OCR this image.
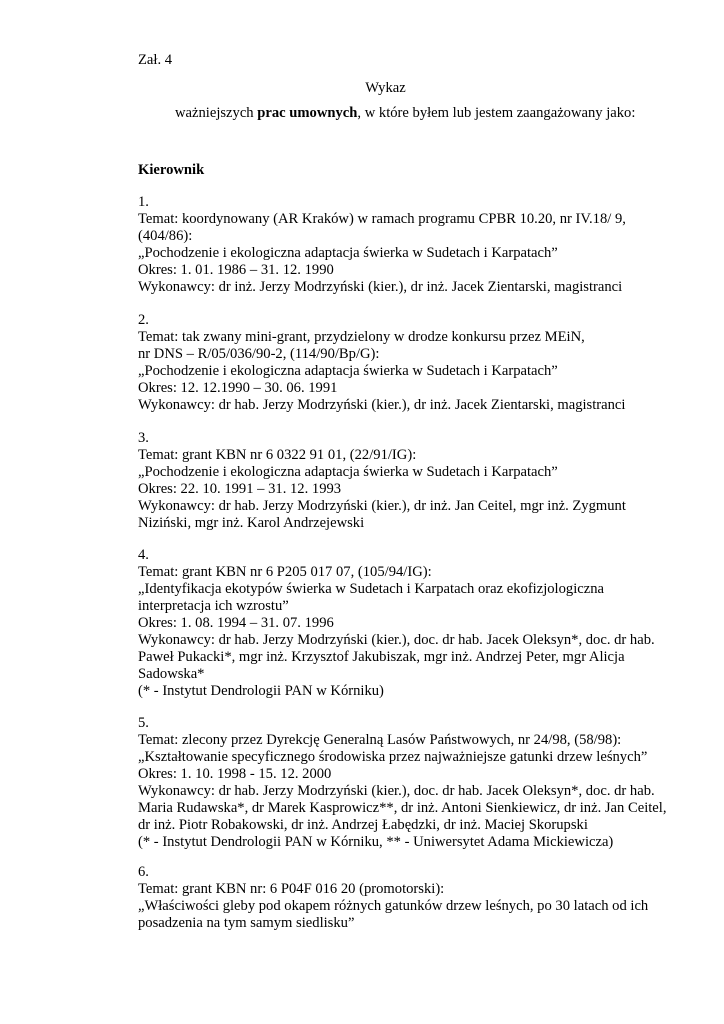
Zał. 4
Wykaz
ważniejszych prac umownych, w które byłem lub jestem zaangażowany jako:
Kierownik
1.
Temat: koordynowany (AR Kraków) w ramach programu CPBR 10.20, nr IV.18/ 9,
(404/86):
„Pochodzenie i ekologiczna adaptacja świerka w Sudetach i Karpatach”
Okres: 1. 01. 1986 – 31. 12. 1990
Wykonawcy: dr inż. Jerzy Modrzyński (kier.), dr inż. Jacek Zientarski, magistranci
2.
Temat: tak zwany mini-grant, przydzielony w drodze konkursu przez MEiN,
nr DNS – R/05/036/90-2, (114/90/Bp/G):
„Pochodzenie i ekologiczna adaptacja świerka w Sudetach i Karpatach”
Okres: 12. 12.1990 – 30. 06. 1991
Wykonawcy: dr hab. Jerzy Modrzyński (kier.), dr inż. Jacek Zientarski, magistranci
3.
Temat: grant KBN nr 6 0322 91 01, (22/91/IG):
„Pochodzenie i ekologiczna adaptacja świerka w Sudetach i Karpatach”
Okres: 22. 10. 1991 – 31. 12. 1993
Wykonawcy: dr hab. Jerzy Modrzyński (kier.), dr inż. Jan Ceitel, mgr inż. Zygmunt
Niziński, mgr inż. Karol Andrzejewski
4.
Temat: grant KBN nr 6 P205 017 07, (105/94/IG):
„Identyfikacja ekotypów świerka w Sudetach i Karpatach oraz ekofizjologiczna
interpretacja ich wzrostu”
Okres: 1. 08. 1994 – 31. 07. 1996
Wykonawcy: dr hab. Jerzy Modrzyński (kier.), doc. dr hab. Jacek Oleksyn*, doc. dr hab.
Paweł Pukacki*, mgr inż. Krzysztof Jakubiszak, mgr inż. Andrzej Peter, mgr Alicja
Sadowska*
(* - Instytut Dendrologii PAN w Kórniku)
5.
Temat: zlecony przez Dyrekcję Generalną Lasów Państwowych, nr 24/98, (58/98):
„Kształtowanie specyficznego środowiska przez najważniejsze gatunki drzew leśnych”
Okres: 1. 10. 1998 - 15. 12. 2000
Wykonawcy: dr hab. Jerzy Modrzyński (kier.), doc. dr hab. Jacek Oleksyn*, doc. dr hab.
Maria Rudawska*, dr Marek Kasprowicz**, dr inż. Antoni Sienkiewicz, dr inż. Jan Ceitel,
dr inż. Piotr Robakowski, dr inż. Andrzej Łabędzki, dr inż. Maciej Skorupski
(* - Instytut Dendrologii PAN w Kórniku, ** - Uniwersytet Adama Mickiewicza)
6.
Temat: grant KBN nr: 6 P04F 016 20 (promotorski):
„Właściwości gleby pod okapem różnych gatunków drzew leśnych, po 30 latach od ich
posadzenia na tym samym siedlisku”
